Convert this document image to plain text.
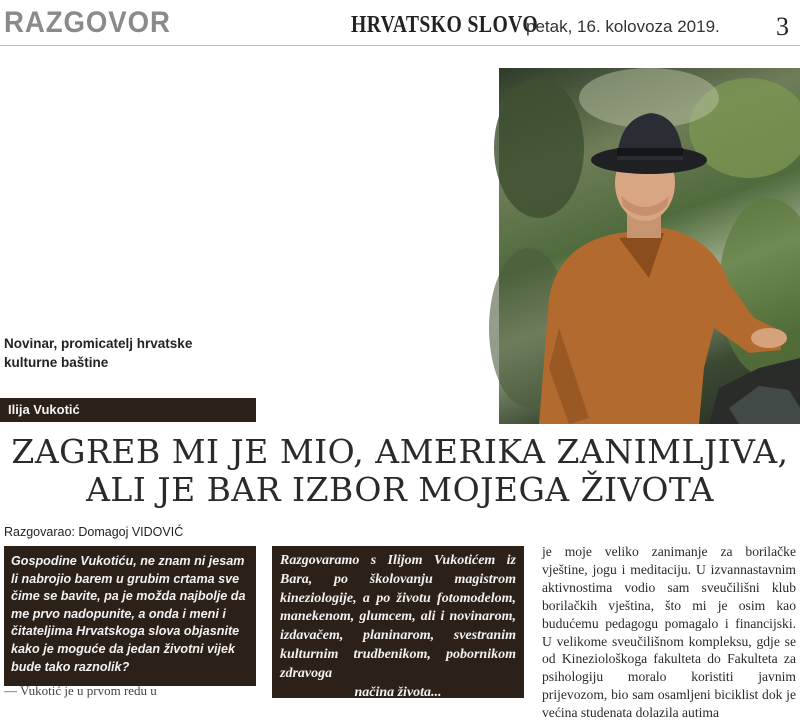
RAZGOVOR	HRVATSKO SLOVO
petak, 16. kolovoza 2019. 3
Novinar, promicatelj hrvatske kulturne baštine
Ilija Vukotić
ZAGREB MI JE MIO, AMERIKA ZANIMLJIVA,
ALI JE BAR IZBOR MOJEGA ŽIVOTA
Razgovarao: Domagoj VIDOVIĆ

Gospodine Vukotiću, ne znam ni jesam li nabrojio barem u grubim crtama sve čime se bavite, pa je možda najbolje da me prvo nadopunite, a onda i meni i čitateljima Hrvatskoga slova objasnite kako je moguće da jedan životni vijek bude tako raznolik?

$^{— Vukotić je u prvom redu u}$

Razgovaramo s Ilijom Vukotićem iz Bara, po školovanju magistrom kineziologije, a po životu fotomodelom, manekenom, glumcem, ali i novinarom, izdavačem, planinarom, svestranim kulturnim trudbenikom, pobornikom zdravoga
načina života...

je moje veliko zanimanje za borilačke vještine, jogu i meditaciju. U izvannastavnim aktivnostima vodio sam sveučilišni klub borilačkih vještina, što mi je osim kao budućemu pedagogu pomagalo i financijski. U velikome sveučilišnom kompleksu, gdje se od Kineziološkoga fakulteta do Fakulteta za psihologiju moralo koristiti javnim prijevozom, bio sam osamljeni biciklist dok je većina studenata dolazila autima
